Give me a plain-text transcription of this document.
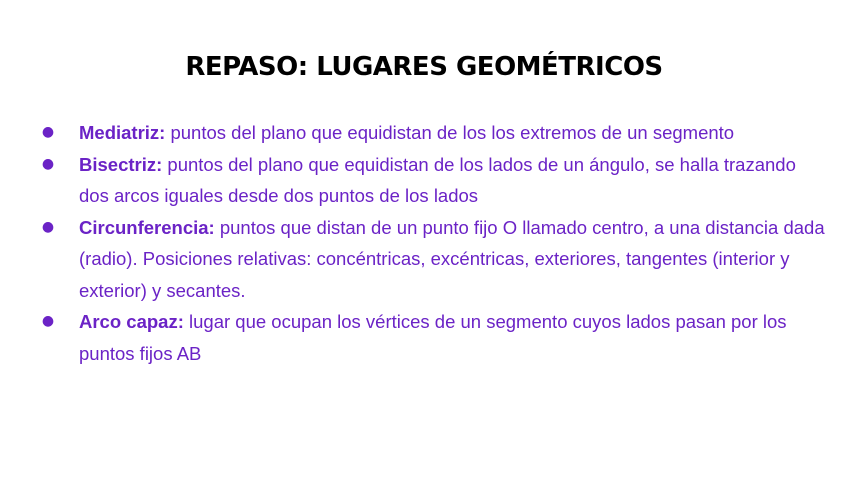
REPASO: LUGARES GEOMÉTRICOS
● Mediatriz: puntos del plano que equidistan de los los extremos de un segmento
● Bisectriz: puntos del plano que equidistan de los lados de un ángulo, se halla trazando dos arcos iguales desde dos puntos de los lados
● Circunferencia: puntos que distan de un punto fijo O llamado centro, a una distancia dada (radio). Posiciones relativas: concéntricas, excéntricas, exteriores, tangentes (interior y exterior) y secantes.
● Arco capaz: lugar que ocupan los vértices de un segmento cuyos lados pasan por los puntos fijos AB
